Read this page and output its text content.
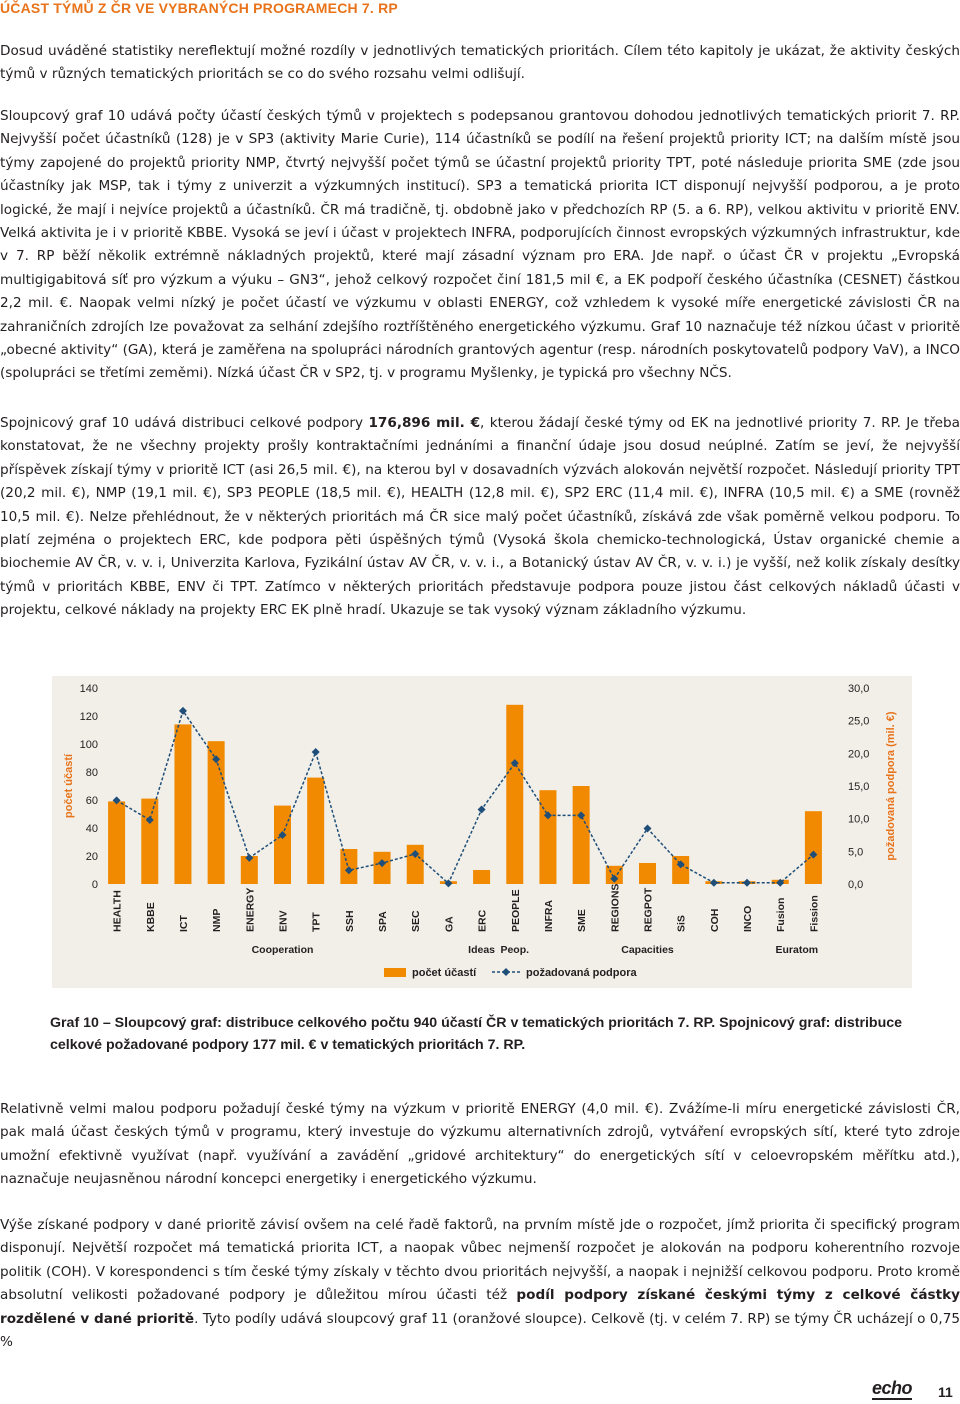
ÚČAST TÝMŮ Z ČR VE VYBRANÝCH PROGRAMECH 7. RP

Dosud uváděné statistiky nereflektují možné rozdíly v jednotlivých tematických prioritách. Cílem této kapitoly je ukázat, že aktivity českých týmů v různých tematických prioritách se co do svého rozsahu velmi odlišují.

Sloupcový graf 10 udává počty účastí českých týmů v projektech s podepsanou grantovou dohodou jednotlivých tematických priorit 7. RP. Nejvyšší počet účastníků (128) je v SP3 (aktivity Marie Curie), 114 účastníků se podílí na řešení projektů priority ICT; na dalším místě jsou týmy zapojené do projektů priority NMP, čtvrtý nejvyšší počet týmů se účastní projektů priority TPT, poté následuje priorita SME (zde jsou účastníky jak MSP, tak i týmy z univerzit a výzkumných institucí). SP3 a tematická priorita ICT disponují nejvyšší podporou, a je proto logické, že mají i nejvíce projektů a účastníků. ČR má tradičně, tj. obdobně jako v předchozích RP (5. a 6. RP), velkou aktivitu v prioritě ENV. Velká aktivita je i v prioritě KBBE. Vysoká se jeví i účast v projektech INFRA, podporujících činnost evropských výzkumných infrastruktur, kde v 7. RP běží několik extrémně nákladných projektů, které mají zásadní význam pro ERA. Jde např. o účast ČR v projektu „Evropská multigigabitová síť pro výzkum a výuku – GN3“, jehož celkový rozpočet činí 181,5 mil €, a EK podpoří českého účastníka (CESNET) částkou 2,2 mil. €. Naopak velmi nízký je počet účastí ve výzkumu v oblasti ENERGY, což vzhledem k vysoké míře energetické závislosti ČR na zahraničních zdrojích lze považovat za selhání zdejšího roztříštěného energetického výzkumu. Graf 10 naznačuje též nízkou účast v prioritě „obecné aktivity“ (GA), která je zaměřena na spolupráci národních grantových agentur (resp. národních poskytovatelů podpory VaV), a INCO (spolupráci se třetími zeměmi). Nízká účast ČR v SP2, tj. v programu Myšlenky, je typická pro všechny NČS.

Spojnicový graf 10 udává distribuci celkové podpory 176,896 mil. €, kterou žádají české týmy od EK na jednotlivé priority 7. RP. Je třeba konstatovat, že ne všechny projekty prošly kontraktačními jednáními a finanční údaje jsou dosud neúplné. Zatím se jeví, že nejvyšší příspěvek získají týmy v prioritě ICT (asi 26,5 mil. €), na kterou byl v dosavadních výzvách alokován největší rozpočet. Následují priority TPT (20,2 mil. €), NMP (19,1 mil. €), SP3 PEOPLE (18,5 mil. €), HEALTH (12,8 mil. €), SP2 ERC (11,4 mil. €), INFRA (10,5 mil. €) a SME (rovněž 10,5 mil. €). Nelze přehlédnout, že v některých prioritách má ČR sice malý počet účastníků, získává zde však poměrně velkou podporu. To platí zejména o projektech ERC, kde podpora pěti úspěšných týmů (Vysoká škola chemicko-technologická, Ústav organické chemie a biochemie AV ČR, v. v. i, Univerzita Karlova, Fyzikální ústav AV ČR, v. v. i., a Botanický ústav AV ČR, v. v. i.) je vyšší, než kolik získaly desítky týmů v prioritách KBBE, ENV či TPT. Zatímco v některých prioritách představuje podpora pouze jistou část celkových nákladů účasti v projektu, celkové náklady na projekty ERC EK plně hradí. Ukazuje se tak vysoký význam základního výzkumu.

0
20
40
60
80
100
120
140
0,0
5,0
10,0
15,0
20,0
25,0
30,0
počet účastí	požadovaná podpora (mil. €)
HEALTH KBBE ICT NMP ENERGY ENV TPT SSH SPA SEC GA ERC PEOPLE INFRA SME REGIONS REGPOT SiS COH INCO Fusion Fission
Cooperation	Ideas Peop.	Capacities	Euratom
počet účastí	požadovaná podpora

Graf 10 – Sloupcový graf: distribuce celkového počtu 940 účastí ČR v tematických prioritách 7. RP. Spojnicový graf: distribuce celkové požadované podpory 177 mil. € v tematických prioritách 7. RP.

Relativně velmi malou podporu požadují české týmy na výzkum v prioritě ENERGY (4,0 mil. €). Zvážíme-li míru energetické závislosti ČR, pak malá účast českých týmů v programu, který investuje do výzkumu alternativních zdrojů, vytváření evropských sítí, které tyto zdroje umožní efektivně využívat (např. využívání a zavádění „gridové architektury“ do energetických sítí v celoevropském měřítku atd.), naznačuje neujasněnou národní koncepci energetiky i energetického výzkumu.

Výše získané podpory v dané prioritě závisí ovšem na celé řadě faktorů, na prvním místě jde o rozpočet, jímž priorita či specifický program disponují. Největší rozpočet má tematická priorita ICT, a naopak vůbec nejmenší rozpočet je alokován na podporu koherentního rozvoje politik (COH). V korespondenci s tím české týmy získaly v těchto dvou prioritách nejvyšší, a naopak i nejnižší celkovou podporu. Proto kromě absolutní velikosti požadované podpory je důležitou mírou účasti též podíl podpory získané českými týmy z celkové částky rozdělené v dané prioritě. Tyto podíly udává sloupcový graf 11 (oranžové sloupce). Celkově (tj. v celém 7. RP) se týmy ČR ucházejí o 0,75 %

echo 11
